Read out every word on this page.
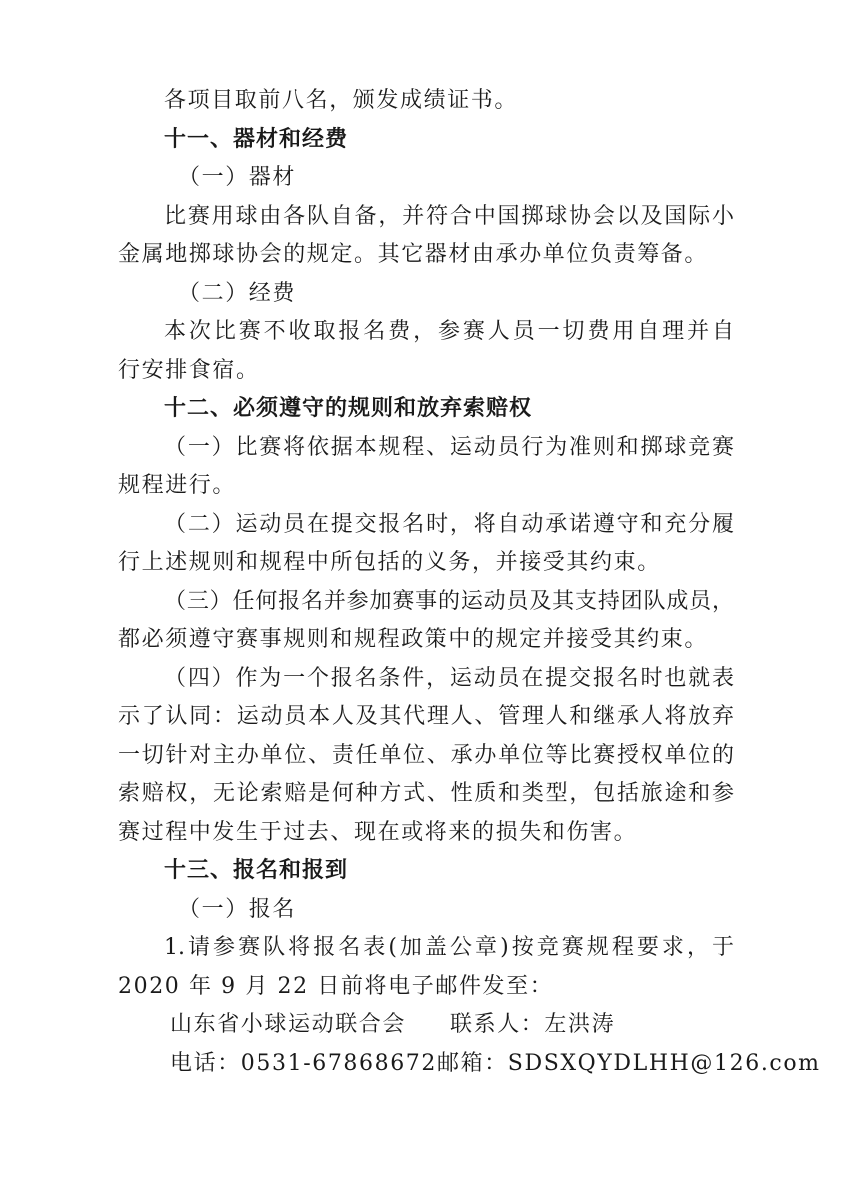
各项目取前八名，颁发成绩证书。
十一、器材和经费
（一）器材
比赛用球由各队自备，并符合中国掷球协会以及国际小
金属地掷球协会的规定。其它器材由承办单位负责筹备。
（二）经费
本次比赛不收取报名费，参赛人员一切费用自理并自
行安排食宿。
十二、必须遵守的规则和放弃索赔权
（一）比赛将依据本规程、运动员行为准则和掷球竞赛
规程进行。
（二）运动员在提交报名时，将自动承诺遵守和充分履
行上述规则和规程中所包括的义务，并接受其约束。
（三）任何报名并参加赛事的运动员及其支持团队成员，
都必须遵守赛事规则和规程政策中的规定并接受其约束。
（四）作为一个报名条件，运动员在提交报名时也就表
示了认同：运动员本人及其代理人、管理人和继承人将放弃
一切针对主办单位、责任单位、承办单位等比赛授权单位的
索赔权，无论索赔是何种方式、性质和类型，包括旅途和参
赛过程中发生于过去、现在或将来的损失和伤害。
十三、报名和报到
（一）报名
1.请参赛队将报名表(加盖公章)按竞赛规程要求，于
2020 年 9 月 22 日前将电子邮件发至：
山东省小球运动联合会	联系人：左洪涛
电话：0531-67868672 邮箱：SDSXQYDLHH@126.com
